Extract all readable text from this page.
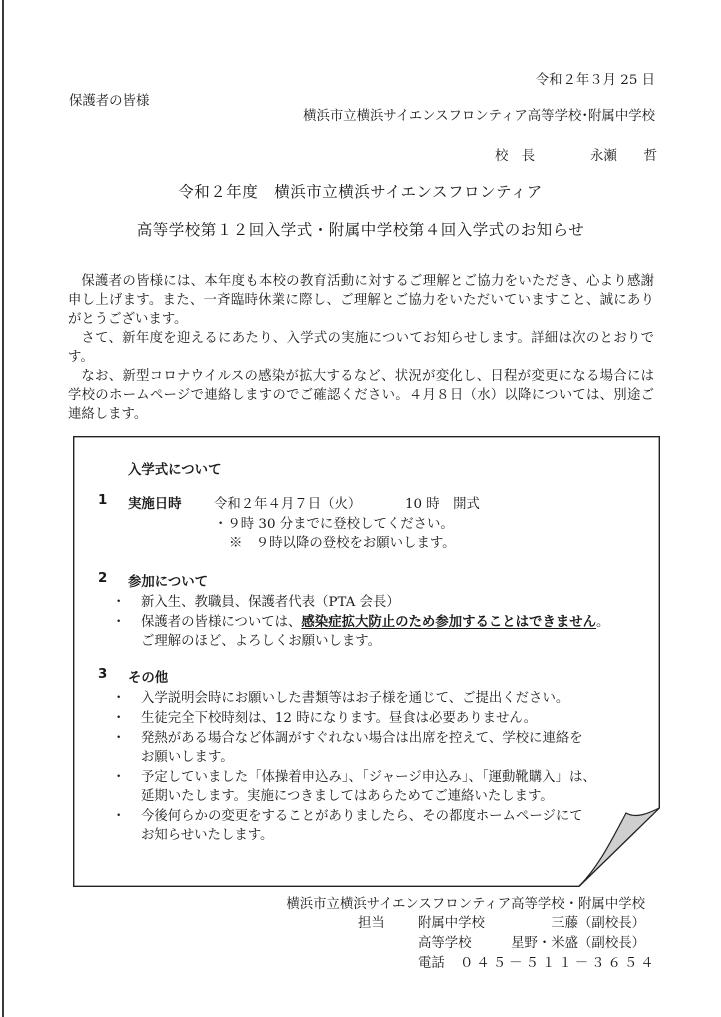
令和２年３月 25 日
保護者の皆様
横浜市立横浜サイエンスフロンティア高等学校･附属中学校
校　長	永瀬　　哲
令和２年度　横浜市立横浜サイエンスフロンティア
高等学校第１２回入学式・附属中学校第４回入学式のお知らせ

保護者の皆様には、本年度も本校の教育活動に対するご理解とご協力をいただき、心より感謝申し上げます。また、一斉臨時休業に際し、ご理解とご協力をいただいていますこと、誠にありがとうございます。

さて、新年度を迎えるにあたり、入学式の実施についてお知らせします。詳細は次のとおりです。

なお、新型コロナウイルスの感染が拡大するなど、状況が変化し、日程が変更になる場合には学校のホームページで連絡しますのでご確認ください。４月８日（水）以降については、別途ご連絡します。

入学式について
1 実施日時 令和２年４月７日（火）	10 時　開式
・９時 30 分までに登校してください。
※　９時以降の登校をお願いします。
2 参加について
・ 新入生、教職員、保護者代表（PTA 会長）
・ 保護者の皆様については、感染症拡大防止のため参加することはできません。
ご理解のほど、よろしくお願いします。
3 その他
・ 入学説明会時にお願いした書類等はお子様を通じて、ご提出ください。
・ 生徒完全下校時刻は、12 時になります。昼食は必要ありません。
・ 発熱がある場合など体調がすぐれない場合は出席を控えて、学校に連絡を
お願いします。
・ 予定していました「体操着申込み」、「ジャージ申込み」、「運動靴購入」は、
延期いたします。実施につきましてはあらためてご連絡いたします。
・ 今後何らかの変更をすることがありましたら、その都度ホームページにて
お知らせいたします。
横浜市立横浜サイエンスフロンティア高等学校・附属中学校
担当 附属中学校	三藤（副校長）
高等学校	星野・米盛（副校長）
電話 ０４５－５１１－３６５４
